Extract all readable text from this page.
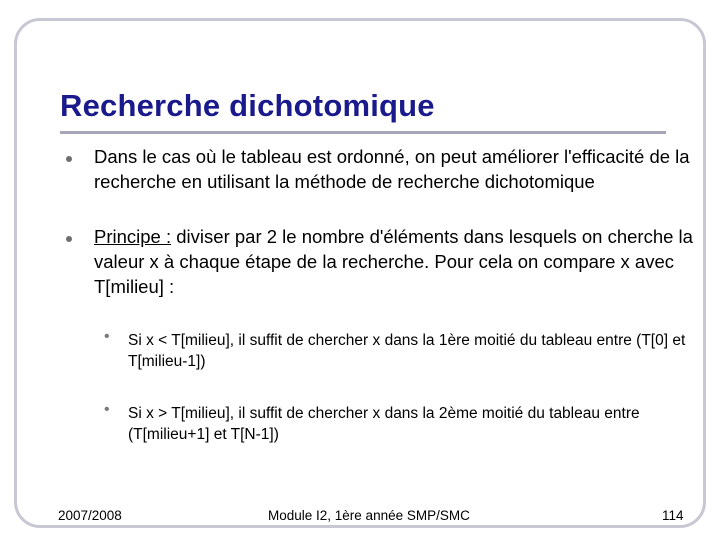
Recherche dichotomique
Dans le cas où le tableau est ordonné, on peut améliorer l'efficacité de la recherche en utilisant la méthode de recherche dichotomique
Principe : diviser par 2 le nombre d'éléments dans lesquels on cherche la valeur x à chaque étape de la recherche. Pour cela on compare x avec T[milieu] :
• Si x < T[milieu], il suffit de chercher x dans la 1ère moitié du tableau entre (T[0] et T[milieu-1])
• Si x > T[milieu], il suffit de chercher x dans la 2ème moitié du tableau entre (T[milieu+1] et T[N-1])
2007/2008	Module I2, 1ère année SMP/SMC	114
